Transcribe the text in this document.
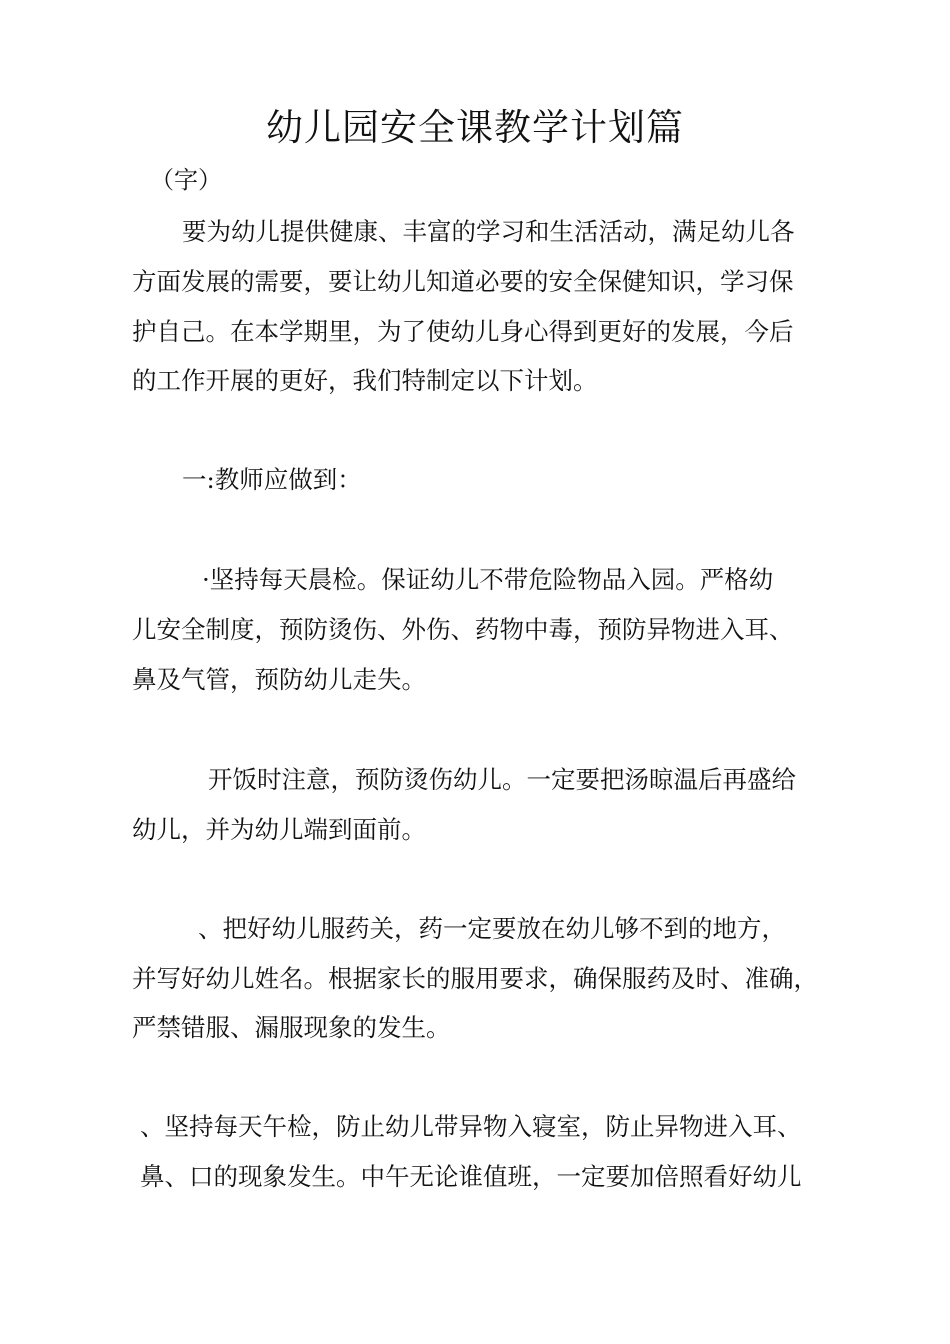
幼儿园安全课教学计划篇
（字）
要为幼儿提供健康、丰富的学习和生活活动，满足幼儿各
方面发展的需要，要让幼儿知道必要的安全保健知识，学习保
护自己。在本学期里，为了使幼儿身心得到更好的发展，今后
的工作开展的更好，我们特制定以下计划。
一:教师应做到：
·坚持每天晨检。保证幼儿不带危险物品入园。严格幼
儿安全制度，预防烫伤、外伤、药物中毒，预防异物进入耳、
鼻及气管，预防幼儿走失。
开饭时注意，预防烫伤幼儿。一定要把汤晾温后再盛给
幼儿，并为幼儿端到面前。
、把好幼儿服药关，药一定要放在幼儿够不到的地方，
并写好幼儿姓名。根据家长的服用要求，确保服药及时、准确，
严禁错服、漏服现象的发生。
、坚持每天午检，防止幼儿带异物入寝室，防止异物进入耳、
鼻、口的现象发生。中午无论谁值班，一定要加倍照看好幼儿
